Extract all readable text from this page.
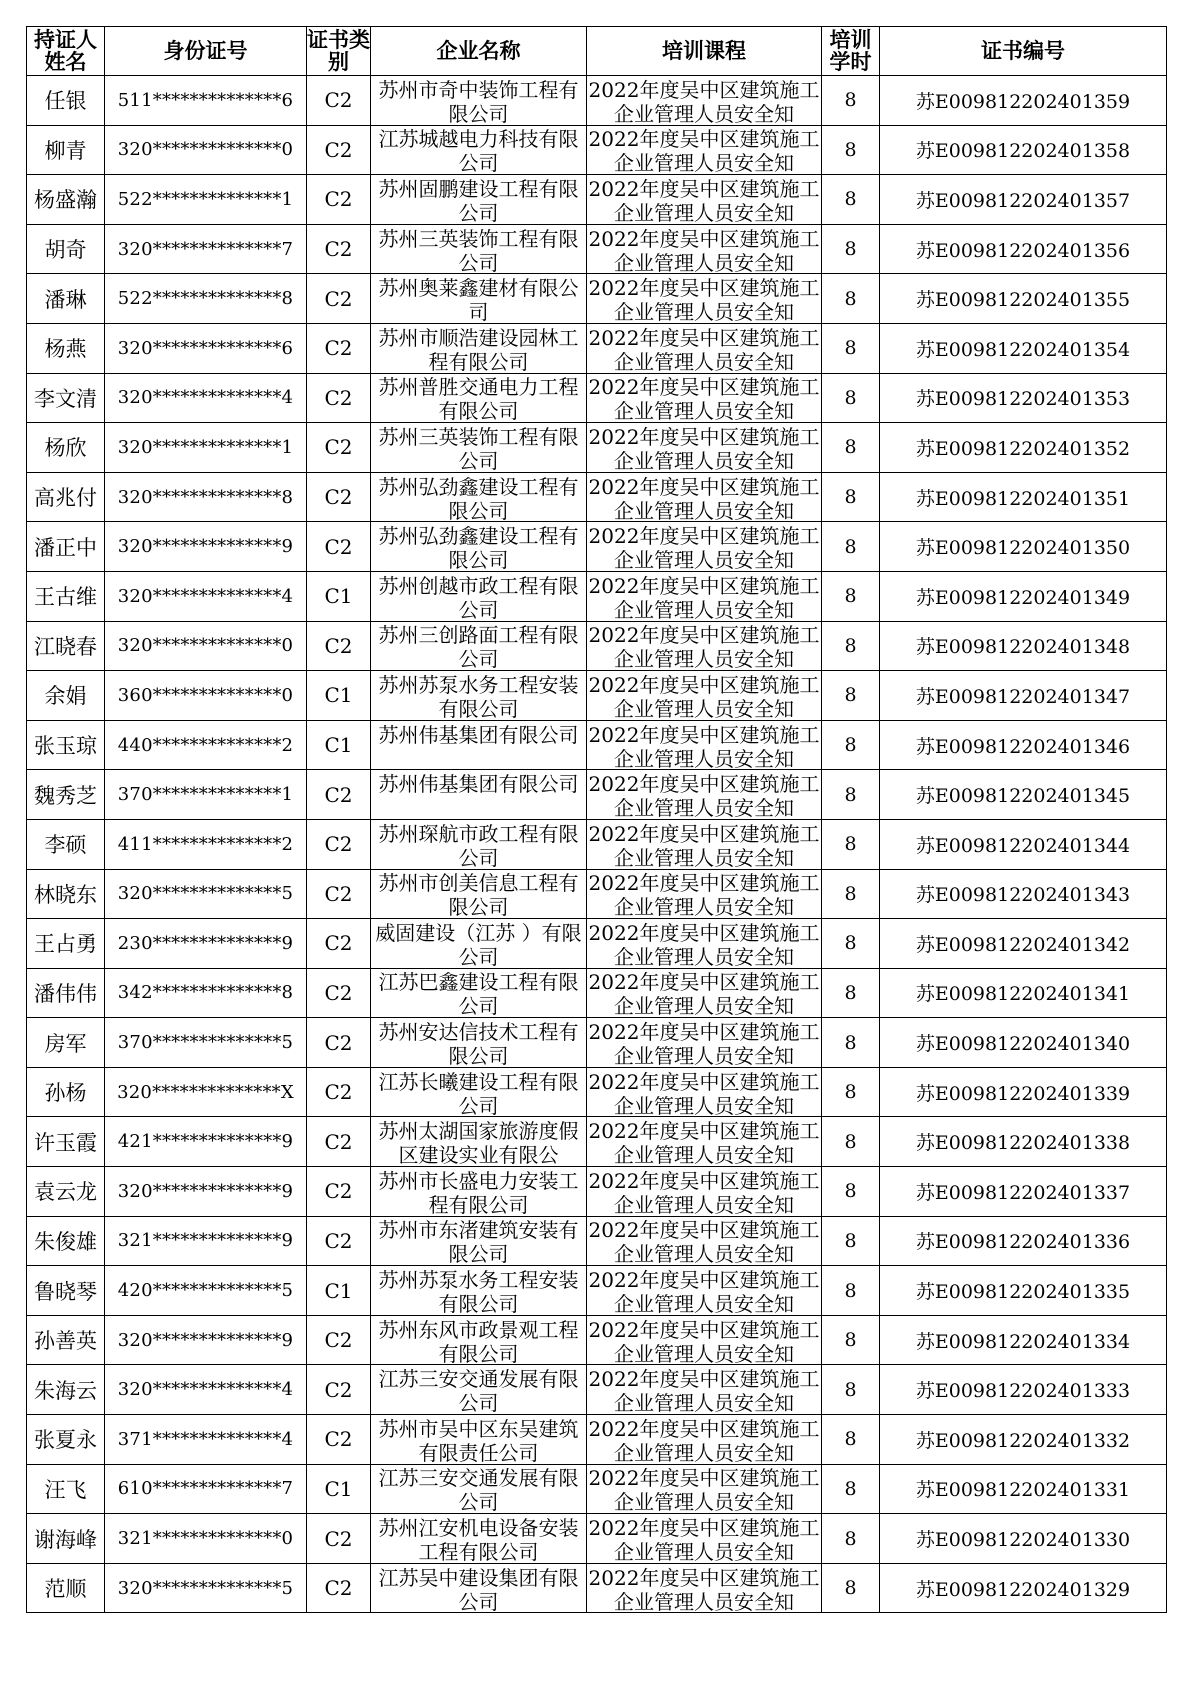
持证人姓名	身份证号	证书类别	企业名称	培训课程	培训学时	证书编号
任银	511**************6	C2	苏州市奇中装饰工程有限公司	2022年度吴中区建筑施工企业管理人员安全知	8	苏E009812202401359
柳青	320**************0	C2	江苏城越电力科技有限公司	2022年度吴中区建筑施工企业管理人员安全知	8	苏E009812202401358
杨盛瀚	522**************1	C2	苏州固鹏建设工程有限公司	2022年度吴中区建筑施工企业管理人员安全知	8	苏E009812202401357
胡奇	320**************7	C2	苏州三英装饰工程有限公司	2022年度吴中区建筑施工企业管理人员安全知	8	苏E009812202401356
潘琳	522**************8	C2	苏州奥莱鑫建材有限公司	2022年度吴中区建筑施工企业管理人员安全知	8	苏E009812202401355
杨燕	320**************6	C2	苏州市顺浩建设园林工程有限公司	2022年度吴中区建筑施工企业管理人员安全知	8	苏E009812202401354
李文清	320**************4	C2	苏州普胜交通电力工程有限公司	2022年度吴中区建筑施工企业管理人员安全知	8	苏E009812202401353
杨欣	320**************1	C2	苏州三英装饰工程有限公司	2022年度吴中区建筑施工企业管理人员安全知	8	苏E009812202401352
高兆付	320**************8	C2	苏州弘劲鑫建设工程有限公司	2022年度吴中区建筑施工企业管理人员安全知	8	苏E009812202401351
潘正中	320**************9	C2	苏州弘劲鑫建设工程有限公司	2022年度吴中区建筑施工企业管理人员安全知	8	苏E009812202401350
王古维	320**************4	C1	苏州创越市政工程有限公司	2022年度吴中区建筑施工企业管理人员安全知	8	苏E009812202401349
江晓春	320**************0	C2	苏州三创路面工程有限公司	2022年度吴中区建筑施工企业管理人员安全知	8	苏E009812202401348
余娟	360**************0	C1	苏州苏泵水务工程安装有限公司	2022年度吴中区建筑施工企业管理人员安全知	8	苏E009812202401347
张玉琼	440**************2	C1	苏州伟基集团有限公司	2022年度吴中区建筑施工企业管理人员安全知	8	苏E009812202401346
魏秀芝	370**************1	C2	苏州伟基集团有限公司	2022年度吴中区建筑施工企业管理人员安全知	8	苏E009812202401345
李硕	411**************2	C2	苏州琛航市政工程有限公司	2022年度吴中区建筑施工企业管理人员安全知	8	苏E009812202401344
林晓东	320**************5	C2	苏州市创美信息工程有限公司	2022年度吴中区建筑施工企业管理人员安全知	8	苏E009812202401343
王占勇	230**************9	C2	威固建设（江苏 ）有限公司	2022年度吴中区建筑施工企业管理人员安全知	8	苏E009812202401342
潘伟伟	342**************8	C2	江苏巴鑫建设工程有限公司	2022年度吴中区建筑施工企业管理人员安全知	8	苏E009812202401341
房军	370**************5	C2	苏州安达信技术工程有限公司	2022年度吴中区建筑施工企业管理人员安全知	8	苏E009812202401340
孙杨	320**************X	C2	江苏长曦建设工程有限公司	2022年度吴中区建筑施工企业管理人员安全知	8	苏E009812202401339
许玉霞	421**************9	C2	苏州太湖国家旅游度假区建设实业有限公	2022年度吴中区建筑施工企业管理人员安全知	8	苏E009812202401338
袁云龙	320**************9	C2	苏州市长盛电力安装工程有限公司	2022年度吴中区建筑施工企业管理人员安全知	8	苏E009812202401337
朱俊雄	321**************9	C2	苏州市东渚建筑安装有限公司	2022年度吴中区建筑施工企业管理人员安全知	8	苏E009812202401336
鲁晓琴	420**************5	C1	苏州苏泵水务工程安装有限公司	2022年度吴中区建筑施工企业管理人员安全知	8	苏E009812202401335
孙善英	320**************9	C2	苏州东风市政景观工程有限公司	2022年度吴中区建筑施工企业管理人员安全知	8	苏E009812202401334
朱海云	320**************4	C2	江苏三安交通发展有限公司	2022年度吴中区建筑施工企业管理人员安全知	8	苏E009812202401333
张夏永	371**************4	C2	苏州市吴中区东吴建筑有限责任公司	2022年度吴中区建筑施工企业管理人员安全知	8	苏E009812202401332
汪飞	610**************7	C1	江苏三安交通发展有限公司	2022年度吴中区建筑施工企业管理人员安全知	8	苏E009812202401331
谢海峰	321**************0	C2	苏州江安机电设备安装工程有限公司	2022年度吴中区建筑施工企业管理人员安全知	8	苏E009812202401330
范顺	320**************5	C2	江苏吴中建设集团有限公司	2022年度吴中区建筑施工企业管理人员安全知	8	苏E009812202401329
